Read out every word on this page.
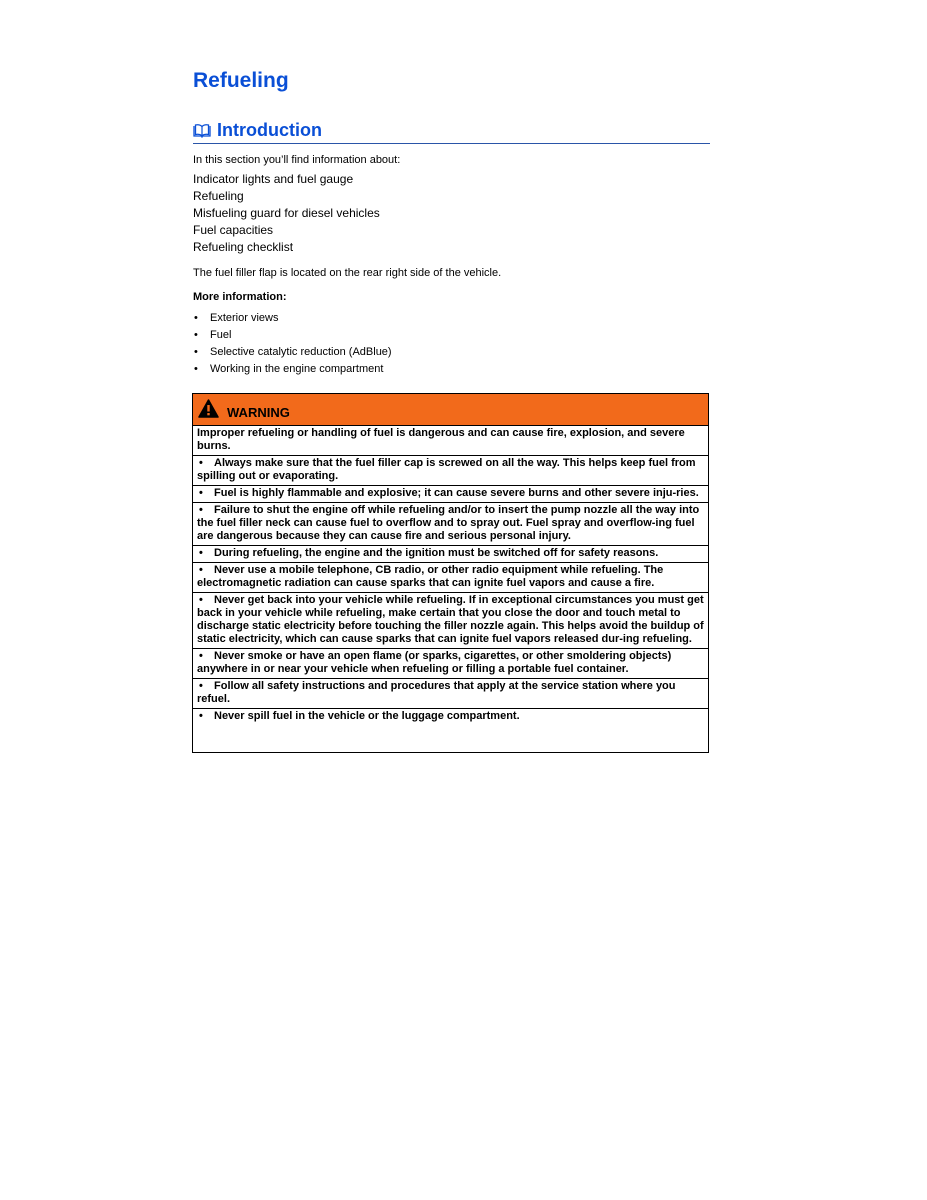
Refueling
Introduction
In this section you’ll find information about:
Indicator lights and fuel gauge
Refueling
Misfueling guard for diesel vehicles
Fuel capacities
Refueling checklist
The fuel filler flap is located on the rear right side of the vehicle.
More information:
• Exterior views
• Fuel
• Selective catalytic reduction (AdBlue)
• Working in the engine compartment
WARNING

Improper refueling or handling of fuel is dangerous and can cause fire, explosion, and severe burns.

• Always make sure that the fuel filler cap is screwed on all the way. This helps keep fuel from spilling out or evaporating.

• Fuel is highly flammable and explosive; it can cause severe burns and other severe inju-ries.

• Failure to shut the engine off while refueling and/or to insert the pump nozzle all the way into the fuel filler neck can cause fuel to overflow and to spray out. Fuel spray and overflow-ing fuel are dangerous because they can cause fire and serious personal injury.

• During refueling, the engine and the ignition must be switched off for safety reasons.

• Never use a mobile telephone, CB radio, or other radio equipment while refueling. The electromagnetic radiation can cause sparks that can ignite fuel vapors and cause a fire.

• Never get back into your vehicle while refueling. If in exceptional circumstances you must get back in your vehicle while refueling, make certain that you close the door and touch metal to discharge static electricity before touching the filler nozzle again. This helps avoid the buildup of static electricity, which can cause sparks that can ignite fuel vapors released dur-ing refueling.

• Never smoke or have an open flame (or sparks, cigarettes, or other smoldering objects) anywhere in or near your vehicle when refueling or filling a portable fuel container.

• Follow all safety instructions and procedures that apply at the service station where you refuel.

• Never spill fuel in the vehicle or the luggage compartment.
